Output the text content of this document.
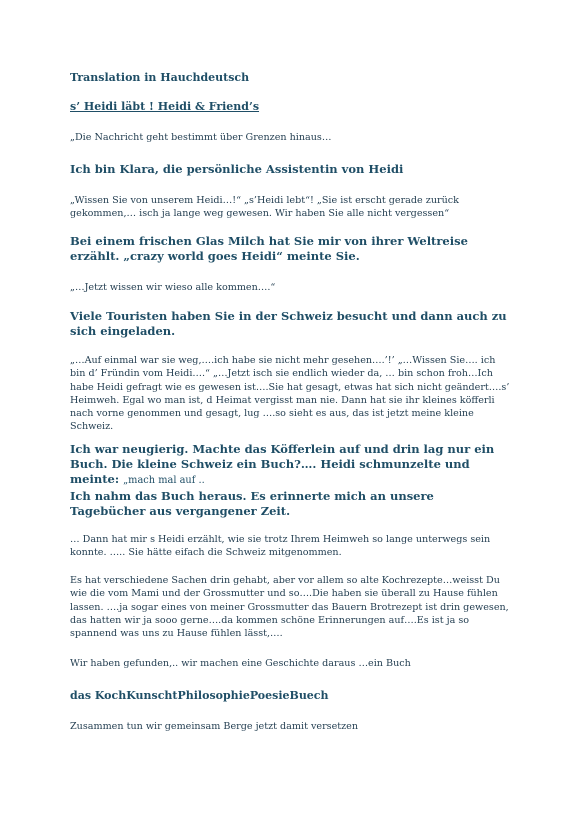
Translation in Hauchdeutsch

s’ Heidi läbt ! Heidi & Friend’s

„Die Nachricht geht bestimmt über Grenzen hinaus…

Ich bin Klara, die persönliche Assistentin von Heidi

„Wissen Sie von unserem Heidi…!“ „s’Heidi lebt“! „Sie ist erscht gerade zurück gekommen,… isch ja lange weg gewesen. Wir haben Sie alle nicht vergessen“

Bei einem frischen Glas Milch hat Sie mir von ihrer Weltreise erzählt. „crazy world goes Heidi“ meinte Sie.

„…Jetzt wissen wir wieso alle kommen….“

Viele Touristen haben Sie in der Schweiz besucht und dann auch zu sich eingeladen.

„…Auf einmal war sie weg,….ich habe sie nicht mehr gesehen….’!’ „…Wissen Sie…. ich bin d’ Fründin vom Heidi….“ „…Jetzt isch sie endlich wieder da, … bin schon froh…Ich habe Heidi gefragt wie es gewesen ist….Sie hat gesagt, etwas hat sich nicht geändert….s’ Heimweh. Egal wo man ist, d Heimat vergisst man nie. Dann hat sie ihr kleines köfferli nach vorne genommen und gesagt, lug ….so sieht es aus, das ist jetzt meine kleine Schweiz.

Ich war neugierig. Machte das Köfferlein auf und drin lag nur ein Buch. Die kleine Schweiz ein Buch?…. Heidi schmunzelte und meinte: „mach mal auf ..

Ich nahm das Buch heraus. Es erinnerte mich an unsere Tagebücher aus vergangener Zeit.

… Dann hat mir s Heidi erzählt, wie sie trotz Ihrem Heimweh so lange unterwegs sein konnte. ….. Sie hätte eifach die Schweiz mitgenommen.

Es hat verschiedene Sachen drin gehabt, aber vor allem so alte Kochrezepte…weisst Du wie die vom Mami und der Grossmutter und so….Die haben sie überall zu Hause fühlen lassen. ….ja sogar eines von meiner Grossmutter das Bauern Brotrezept ist drin gewesen, das hatten wir ja sooo gerne….da kommen schöne Erinnerungen auf….Es ist ja so spannend was uns zu Hause fühlen lässt,….

Wir haben gefunden,.. wir machen eine Geschichte daraus …ein Buch

das KochKunschtPhilosophiePoesieBuech

Zusammen tun wir gemeinsam Berge jetzt damit versetzen
